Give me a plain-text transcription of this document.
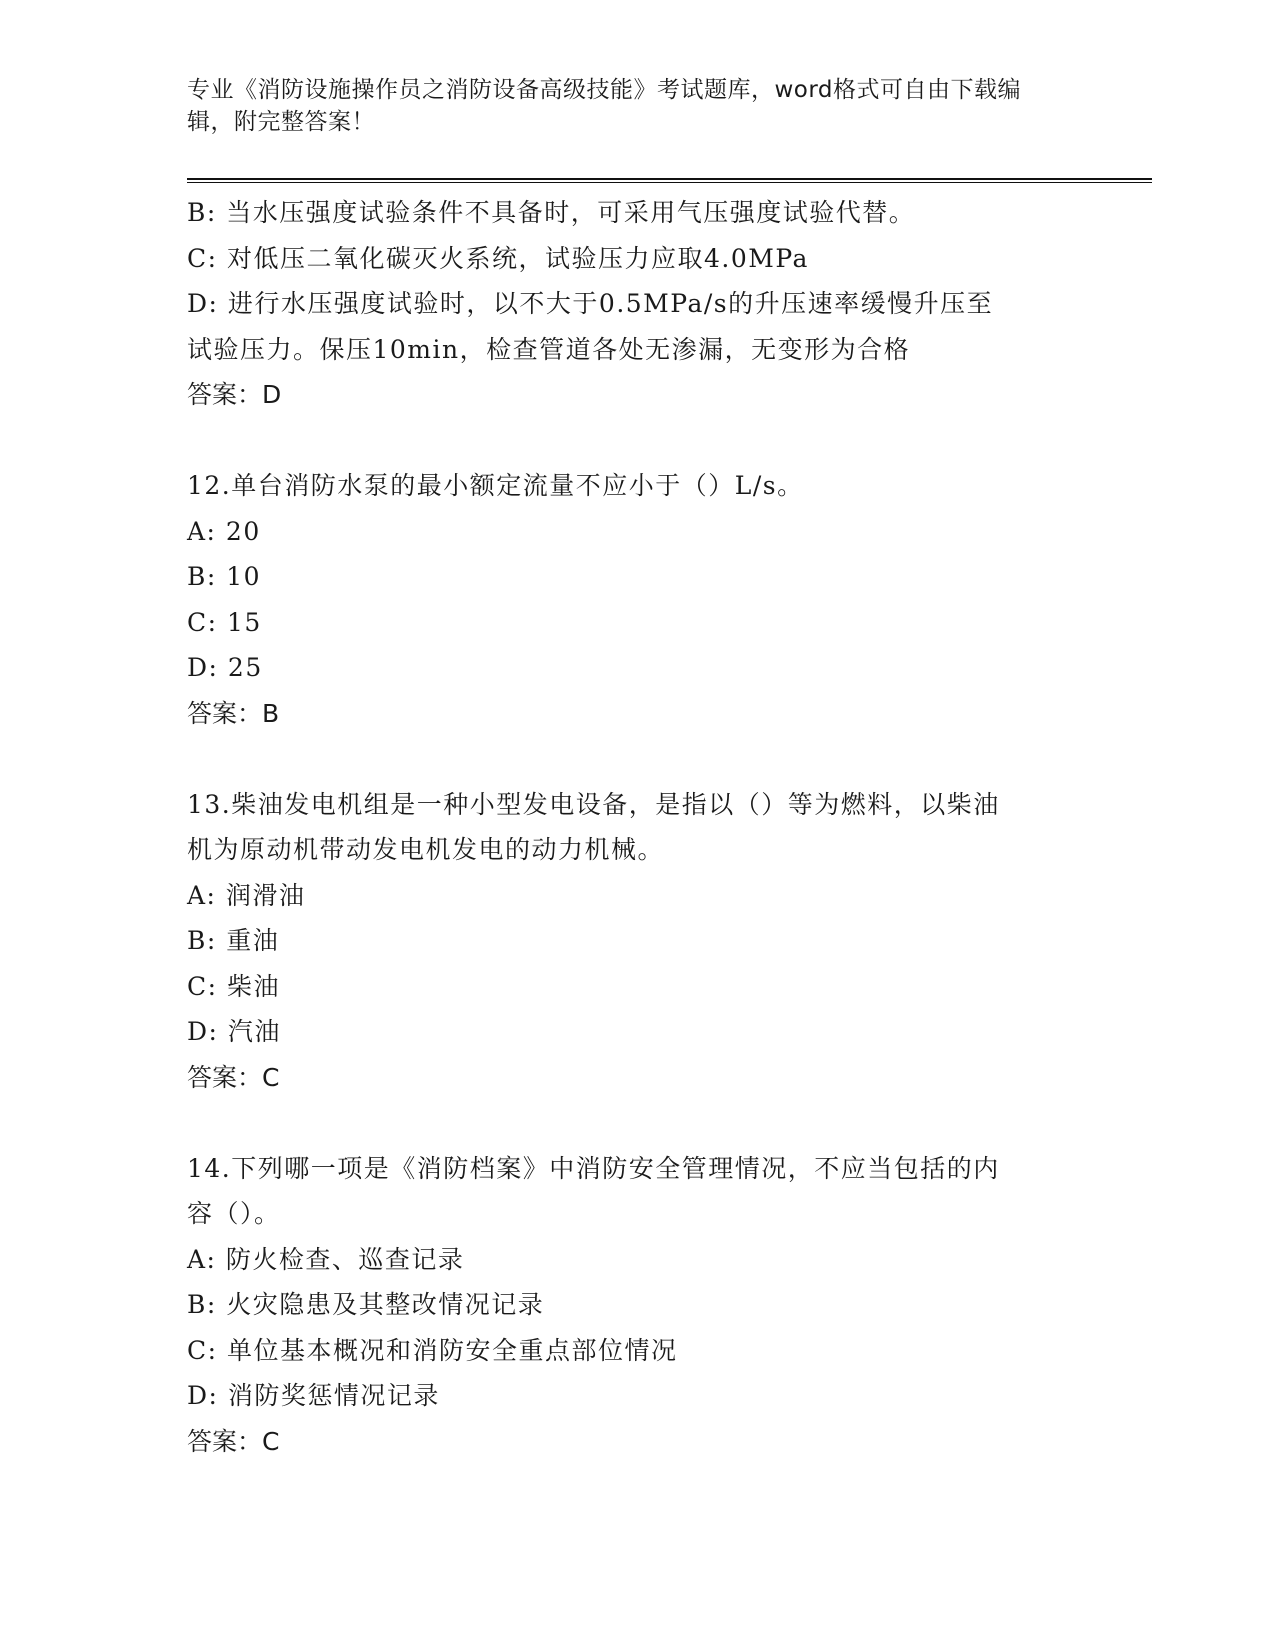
专业《消防设施操作员之消防设备高级技能》考试题库，word格式可自由下载编
辑，附完整答案！
B: 当水压强度试验条件不具备时，可采用气压强度试验代替。
C: 对低压二氧化碳灭火系统，试验压力应取4.0MPa
D: 进行水压强度试验时，以不大于0.5MPa/s的升压速率缓慢升压至
试验压力。保压10min，检查管道各处无渗漏，无变形为合格
答案：D
12.单台消防水泵的最小额定流量不应小于（）L/s。
A: 20
B: 10
C: 15
D: 25
答案：B
13.柴油发电机组是一种小型发电设备，是指以（）等为燃料，以柴油
机为原动机带动发电机发电的动力机械。
A: 润滑油
B: 重油
C: 柴油
D: 汽油
答案：C
14.下列哪一项是《消防档案》中消防安全管理情况，不应当包括的内
容（）。
A: 防火检查、巡查记录
B: 火灾隐患及其整改情况记录
C: 单位基本概况和消防安全重点部位情况
D: 消防奖惩情况记录
答案：C
